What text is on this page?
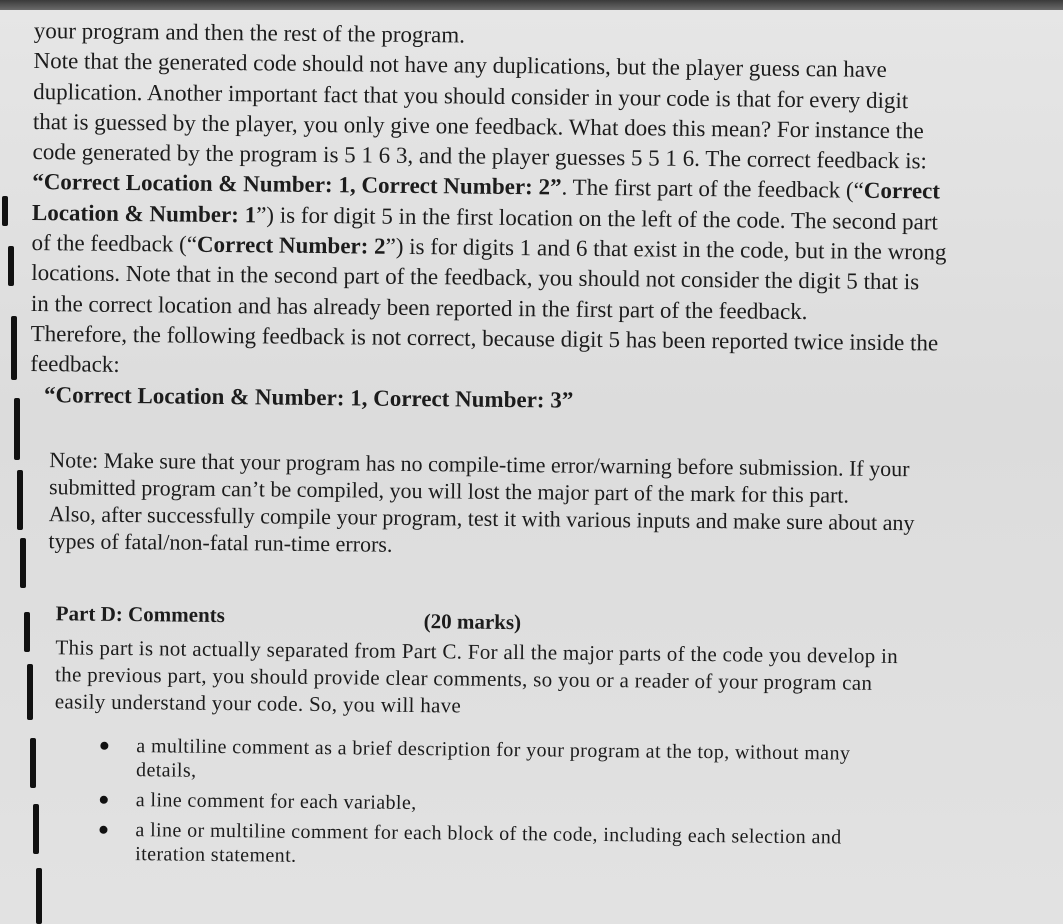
your program and then the rest of the program.
Note that the generated code should not have any duplications, but the player guess can have
duplication. Another important fact that you should consider in your code is that for every digit
that is guessed by the player, you only give one feedback. What does this mean? For instance the
code generated by the program is 5 1 6 3, and the player guesses 5 5 1 6. The correct feedback is:
“Correct Location & Number: 1, Correct Number: 2”. The first part of the feedback (“Correct
Location & Number: 1”) is for digit 5 in the first location on the left of the code. The second part
of the feedback (“Correct Number: 2”) is for digits 1 and 6 that exist in the code, but in the wrong
locations. Note that in the second part of the feedback, you should not consider the digit 5 that is
in the correct location and has already been reported in the first part of the feedback.
Therefore, the following feedback is not correct, because digit 5 has been reported twice inside the
feedback:
“Correct Location & Number: 1, Correct Number: 3”
Note: Make sure that your program has no compile-time error/warning before submission. If your
submitted program can’t be compiled, you will lost the major part of the mark for this part.
Also, after successfully compile your program, test it with various inputs and make sure about any
types of fatal/non-fatal run-time errors.
Part D: Comments	(20 marks)
This part is not actually separated from Part C. For all the major parts of the code you develop in
the previous part, you should provide clear comments, so you or a reader of your program can
easily understand your code. So, you will have
a multiline comment as a brief description for your program at the top, without many
details,
a line comment for each variable,
a line or multiline comment for each block of the code, including each selection and
iteration statement.
